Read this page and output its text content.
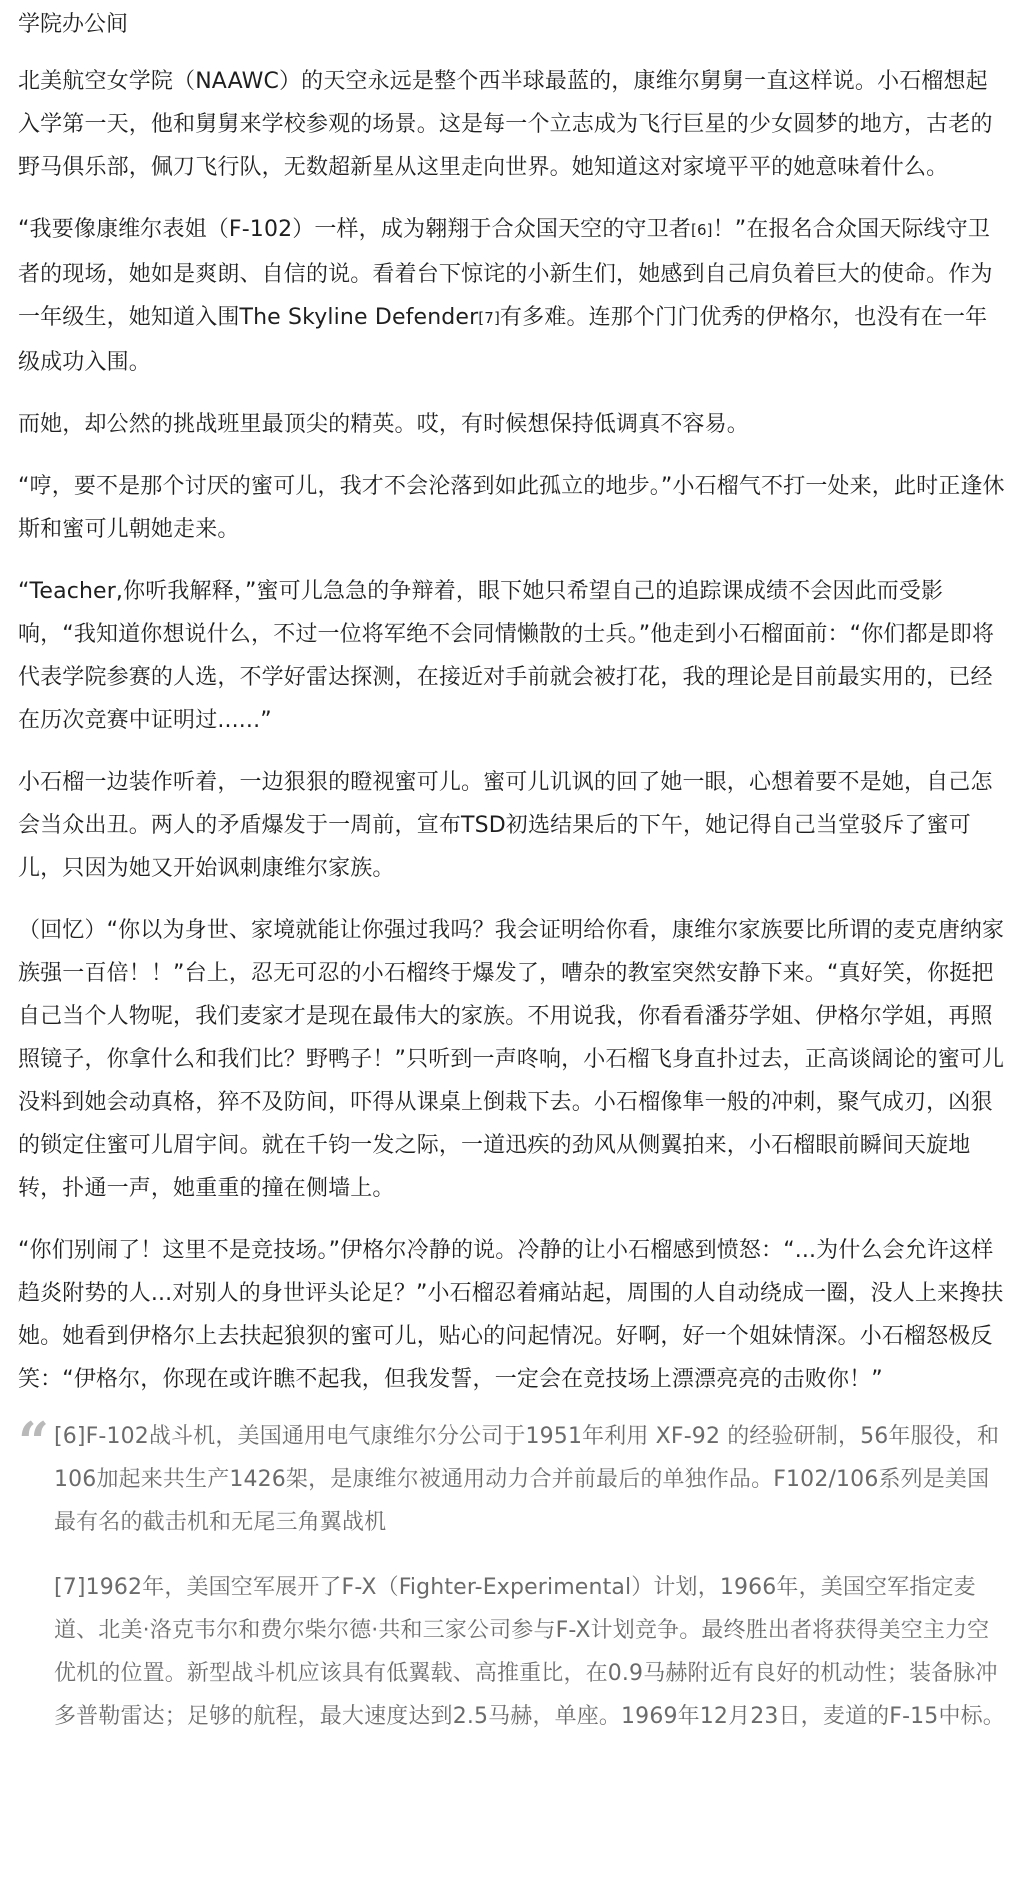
学院办公间

北美航空女学院（NAAWC）的天空永远是整个西半球最蓝的，康维尔舅舅一直这样说。小石榴想起入学第一天，他和舅舅来学校参观的场景。这是每一个立志成为飞行巨星的少女圆梦的地方，古老的野马俱乐部，佩刀飞行队，无数超新星从这里走向世界。她知道这对家境平平的她意味着什么。

“我要像康维尔表姐（F-102）一样，成为翱翔于合众国天空的守卫者[6]！”在报名合众国天际线守卫者的现场，她如是爽朗、自信的说。看着台下惊诧的小新生们，她感到自己肩负着巨大的使命。作为一年级生，她知道入围The Skyline Defender[7]有多难。连那个门门优秀的伊格尔，也没有在一年级成功入围。

而她，却公然的挑战班里最顶尖的精英。哎，有时候想保持低调真不容易。

“哼，要不是那个讨厌的蜜可儿，我才不会沦落到如此孤立的地步。”小石榴气不打一处来，此时正逢休斯和蜜可儿朝她走来。

“Teacher,你听我解释，”蜜可儿急急的争辩着，眼下她只希望自己的追踪课成绩不会因此而受影响，“我知道你想说什么，不过一位将军绝不会同情懒散的士兵。”他走到小石榴面前：“你们都是即将代表学院参赛的人选，不学好雷达探测，在接近对手前就会被打花，我的理论是目前最实用的，已经在历次竞赛中证明过......”

小石榴一边装作听着，一边狠狠的瞪视蜜可儿。蜜可儿讥讽的回了她一眼，心想着要不是她，自己怎会当众出丑。两人的矛盾爆发于一周前，宣布TSD初选结果后的下午，她记得自己当堂驳斥了蜜可儿，只因为她又开始讽刺康维尔家族。

（回忆）“你以为身世、家境就能让你强过我吗？我会证明给你看，康维尔家族要比所谓的麦克唐纳家族强一百倍！！”台上，忍无可忍的小石榴终于爆发了，嘈杂的教室突然安静下来。“真好笑，你挺把自己当个人物呢，我们麦家才是现在最伟大的家族。不用说我，你看看潘芬学姐、伊格尔学姐，再照照镜子，你拿什么和我们比？野鸭子！”只听到一声咚响，小石榴飞身直扑过去，正高谈阔论的蜜可儿没料到她会动真格，猝不及防间，吓得从课桌上倒栽下去。小石榴像隼一般的冲刺，聚气成刃，凶狠的锁定住蜜可儿眉宇间。就在千钧一发之际，一道迅疾的劲风从侧翼拍来，小石榴眼前瞬间天旋地转，扑通一声，她重重的撞在侧墙上。

“你们别闹了！这里不是竞技场。”伊格尔冷静的说。冷静的让小石榴感到愤怒：“...为什么会允许这样趋炎附势的人...对别人的身世评头论足？”小石榴忍着痛站起，周围的人自动绕成一圈，没人上来搀扶她。她看到伊格尔上去扶起狼狈的蜜可儿，贴心的问起情况。好啊，好一个姐妹情深。小石榴怒极反笑：“伊格尔，你现在或许瞧不起我，但我发誓，一定会在竞技场上漂漂亮亮的击败你！”

“ [6]F-102战斗机，美国通用电气康维尔分公司于1951年利用 XF-92 的经验研制，56年服役，和106加起来共生产1426架，是康维尔被通用动力合并前最后的单独作品。F102/106系列是美国最有名的截击机和无尾三角翼战机

[7]1962年，美国空军展开了F-X（Fighter-Experimental）计划，1966年，美国空军指定麦道、北美·洛克韦尔和费尔柴尔德·共和三家公司参与F-X计划竞争。最终胜出者将获得美空主力空优机的位置。新型战斗机应该具有低翼载、高推重比，在0.9马赫附近有良好的机动性；装备脉冲多普勒雷达；足够的航程，最大速度达到2.5马赫，单座。1969年12月23日，麦道的F-15中标。
